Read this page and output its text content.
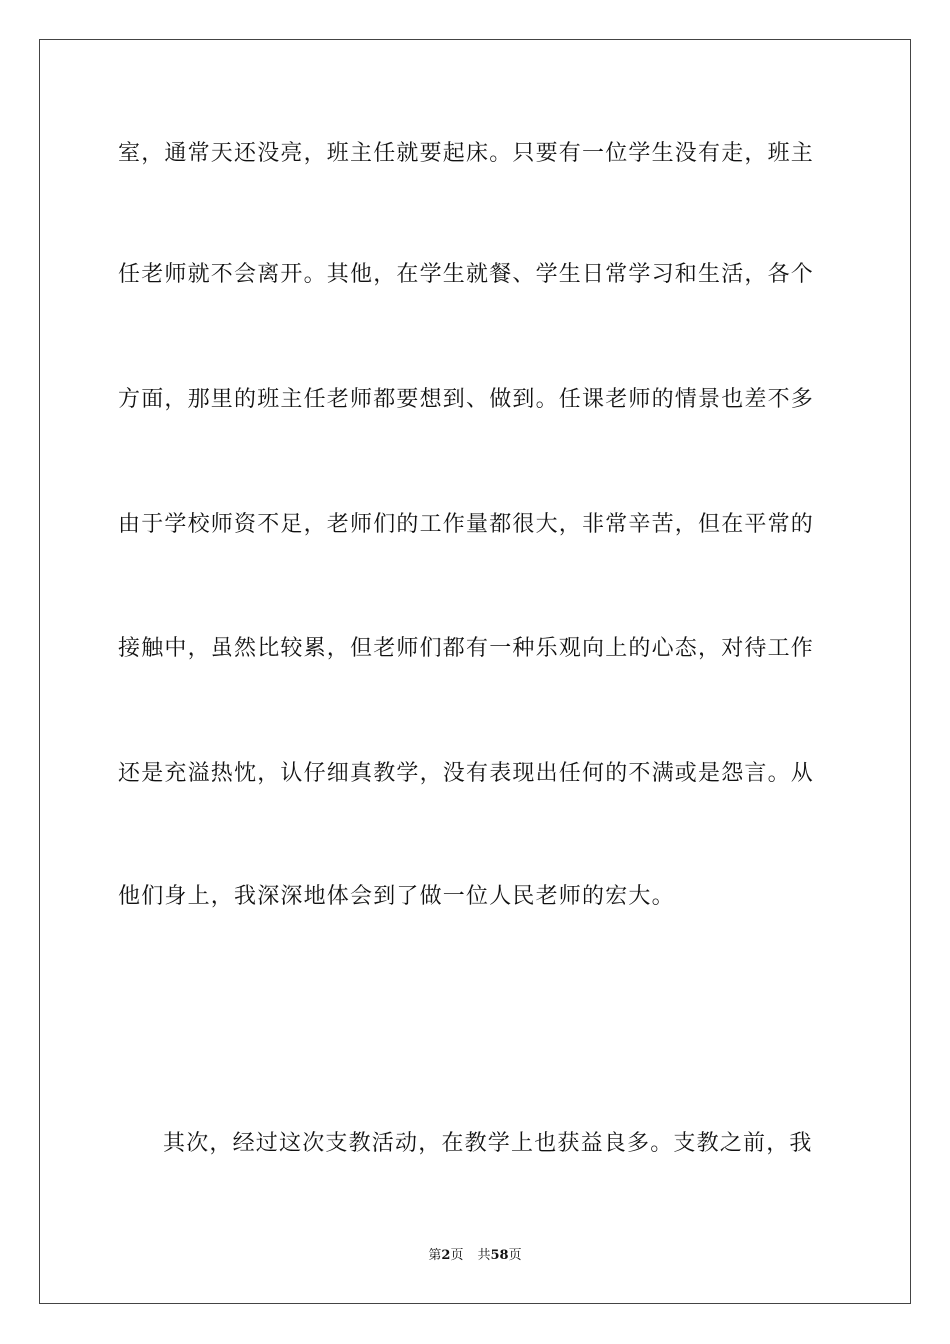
室，通常天还没亮，班主任就要起床。只要有一位学生没有走，班主
任老师就不会离开。其他，在学生就餐、学生日常学习和生活，各个
方面，那里的班主任老师都要想到、做到。任课老师的情景也差不多
由于学校师资不足，老师们的工作量都很大，非常辛苦，但在平常的
接触中，虽然比较累，但老师们都有一种乐观向上的心态，对待工作
还是充溢热忱，认仔细真教学，没有表现出任何的不满或是怨言。从
他们身上，我深深地体会到了做一位人民老师的宏大。
其次，经过这次支教活动，在教学上也获益良多。支教之前，我
第2页 共58页
